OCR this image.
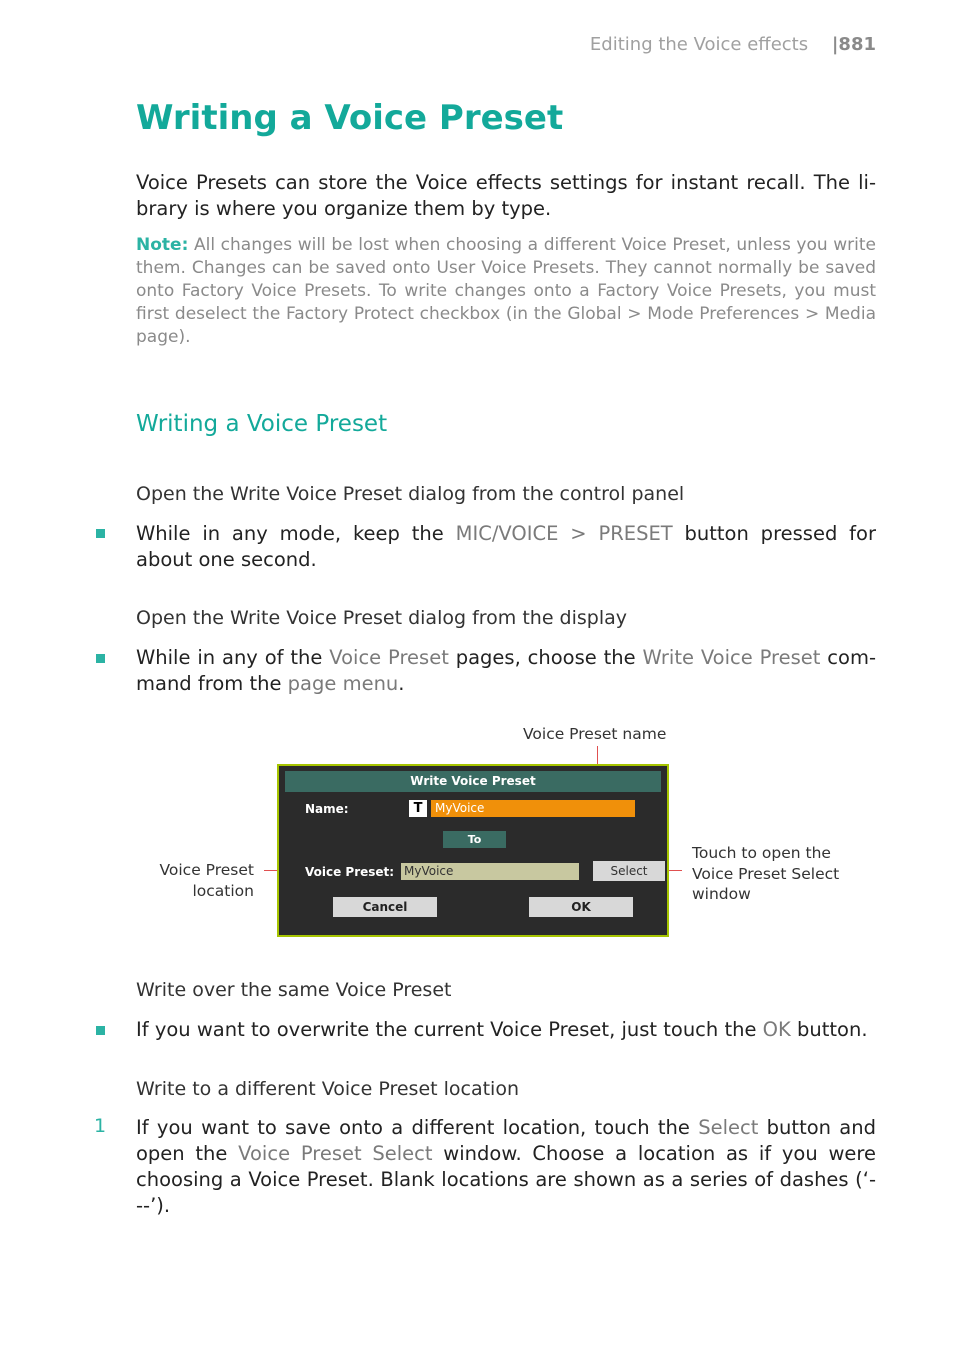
Editing the Voice effects |881
Writing a Voice Preset

Voice Presets can store the Voice effects settings for instant recall. The library is where you organize them by type.

Note: All changes will be lost when choosing a different Voice Preset, unless you write them. Changes can be saved onto User Voice Presets. They cannot normally be saved onto Factory Voice Presets. To write changes onto a Factory Voice Presets, you must first deselect the Factory Protect checkbox (in the Global > Mode Preferences > Media page).

Writing a Voice Preset
Open the Write Voice Preset dialog from the control panel

While in any mode, keep the MIC/VOICE > PRESET button pressed for about one second.

Open the Write Voice Preset dialog from the display

While in any of the Voice Preset pages, choose the Write Voice Preset command from the page menu.

Voice Preset name
Voice Preset
location
Touch to open the
Voice Preset Select
window
Write Voice Preset
Name:	T	MyVoice
To
Voice Preset: MyVoice	Select
Cancel	OK
Write over the same Voice Preset

If you want to overwrite the current Voice Preset, just touch the OK button.

Write to a different Voice Preset location
1 If you want to save onto a different location, touch the Select button and open the Voice Preset Select window. Choose a location as if you were choosing a Voice Preset. Blank locations are shown as a series of dashes (‘---’).
